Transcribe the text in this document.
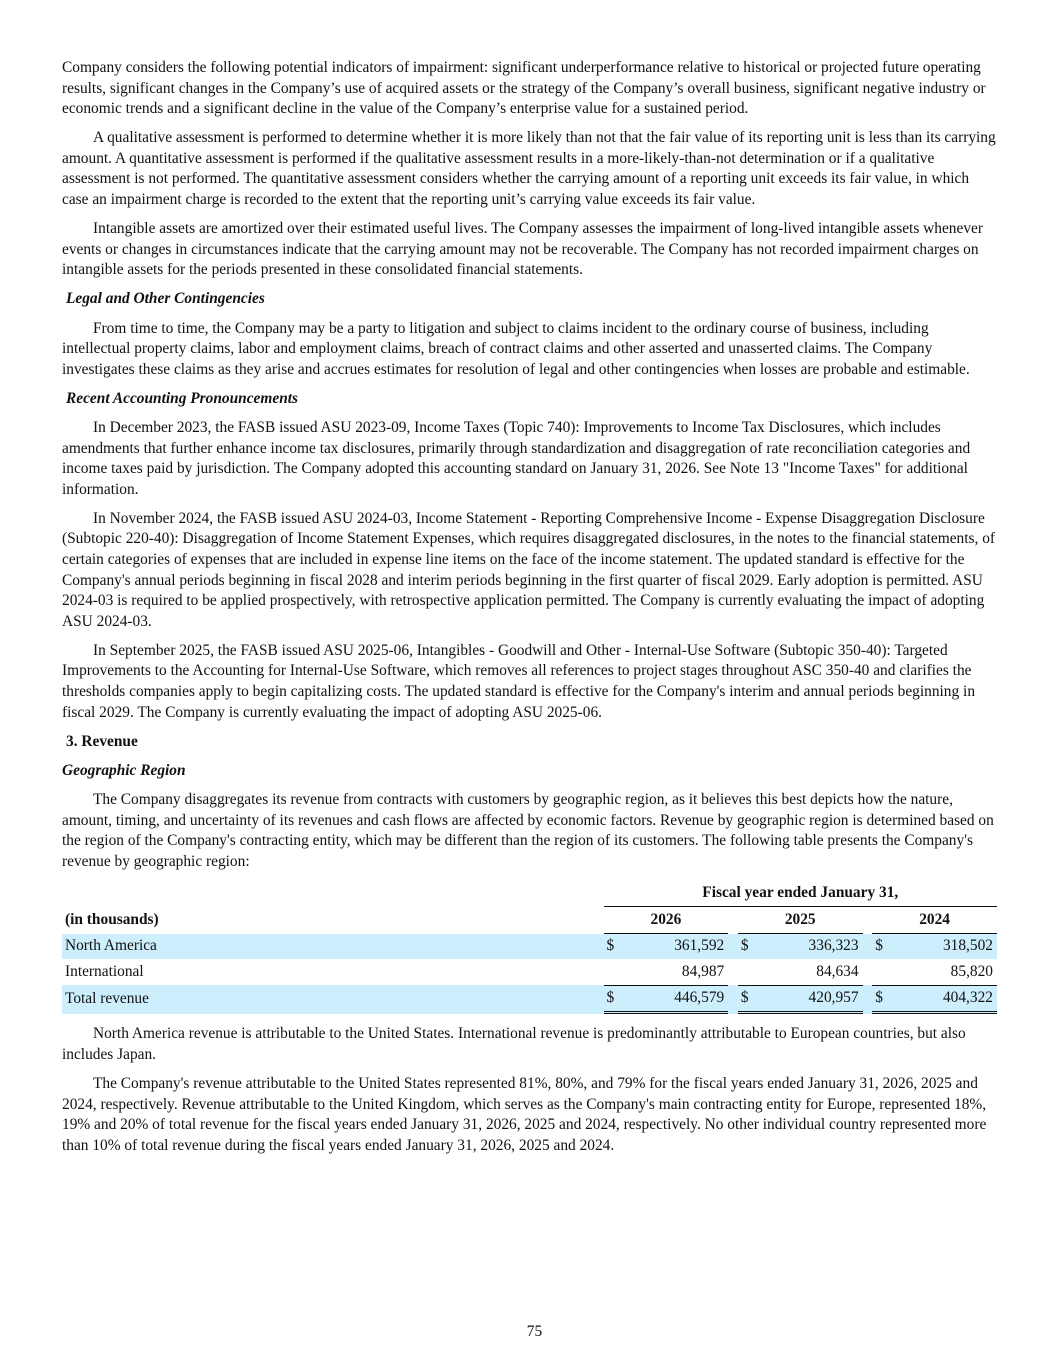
Company considers the following potential indicators of impairment: significant underperformance relative to historical or projected future operating results, significant changes in the Company’s use of acquired assets or the strategy of the Company’s overall business, significant negative industry or economic trends and a significant decline in the value of the Company’s enterprise value for a sustained period.

A qualitative assessment is performed to determine whether it is more likely than not that the fair value of its reporting unit is less than its carrying amount. A quantitative assessment is performed if the qualitative assessment results in a more-likely-than-not determination or if a qualitative assessment is not performed. The quantitative assessment considers whether the carrying amount of a reporting unit exceeds its fair value, in which case an impairment charge is recorded to the extent that the reporting unit’s carrying value exceeds its fair value.

Intangible assets are amortized over their estimated useful lives. The Company assesses the impairment of long-lived intangible assets whenever events or changes in circumstances indicate that the carrying amount may not be recoverable. The Company has not recorded impairment charges on intangible assets for the periods presented in these consolidated financial statements.

Legal and Other Contingencies

From time to time, the Company may be a party to litigation and subject to claims incident to the ordinary course of business, including intellectual property claims, labor and employment claims, breach of contract claims and other asserted and unasserted claims. The Company investigates these claims as they arise and accrues estimates for resolution of legal and other contingencies when losses are probable and estimable.

Recent Accounting Pronouncements

In December 2023, the FASB issued ASU 2023-09, Income Taxes (Topic 740): Improvements to Income Tax Disclosures, which includes amendments that further enhance income tax disclosures, primarily through standardization and disaggregation of rate reconciliation categories and income taxes paid by jurisdiction. The Company adopted this accounting standard on January 31, 2026. See Note 13 "Income Taxes" for additional information.

In November 2024, the FASB issued ASU 2024-03, Income Statement - Reporting Comprehensive Income - Expense Disaggregation Disclosure (Subtopic 220-40): Disaggregation of Income Statement Expenses, which requires disaggregated disclosures, in the notes to the financial statements, of certain categories of expenses that are included in expense line items on the face of the income statement. The updated standard is effective for the Company's annual periods beginning in fiscal 2028 and interim periods beginning in the first quarter of fiscal 2029. Early adoption is permitted. ASU 2024-03 is required to be applied prospectively, with retrospective application permitted. The Company is currently evaluating the impact of adopting ASU 2024-03.

In September 2025, the FASB issued ASU 2025-06, Intangibles - Goodwill and Other - Internal-Use Software (Subtopic 350-40): Targeted Improvements to the Accounting for Internal-Use Software, which removes all references to project stages throughout ASC 350-40 and clarifies the thresholds companies apply to begin capitalizing costs. The updated standard is effective for the Company's interim and annual periods beginning in fiscal 2029. The Company is currently evaluating the impact of adopting ASU 2025-06.

3. Revenue
Geographic Region

The Company disaggregates its revenue from contracts with customers by geographic region, as it believes this best depicts how the nature, amount, timing, and uncertainty of its revenues and cash flows are affected by economic factors. Revenue by geographic region is determined based on the region of the Company's contracting entity, which may be different than the region of its customers. The following table presents the Company's revenue by geographic region:

		Fiscal year ended January 31,							
(in thousands)		2026			2025			2024	
North America		$	361,592		$	336,323		$	318,502
International			84,987			84,634			85,820
Total revenue		$	446,579		$	420,957		$	404,322

North America revenue is attributable to the United States. International revenue is predominantly attributable to European countries, but also includes Japan.

The Company's revenue attributable to the United States represented 81%, 80%, and 79% for the fiscal years ended January 31, 2026, 2025 and 2024, respectively. Revenue attributable to the United Kingdom, which serves as the Company's main contracting entity for Europe, represented 18%, 19% and 20% of total revenue for the fiscal years ended January 31, 2026, 2025 and 2024, respectively. No other individual country represented more than 10% of total revenue during the fiscal years ended January 31, 2026, 2025 and 2024.

75
